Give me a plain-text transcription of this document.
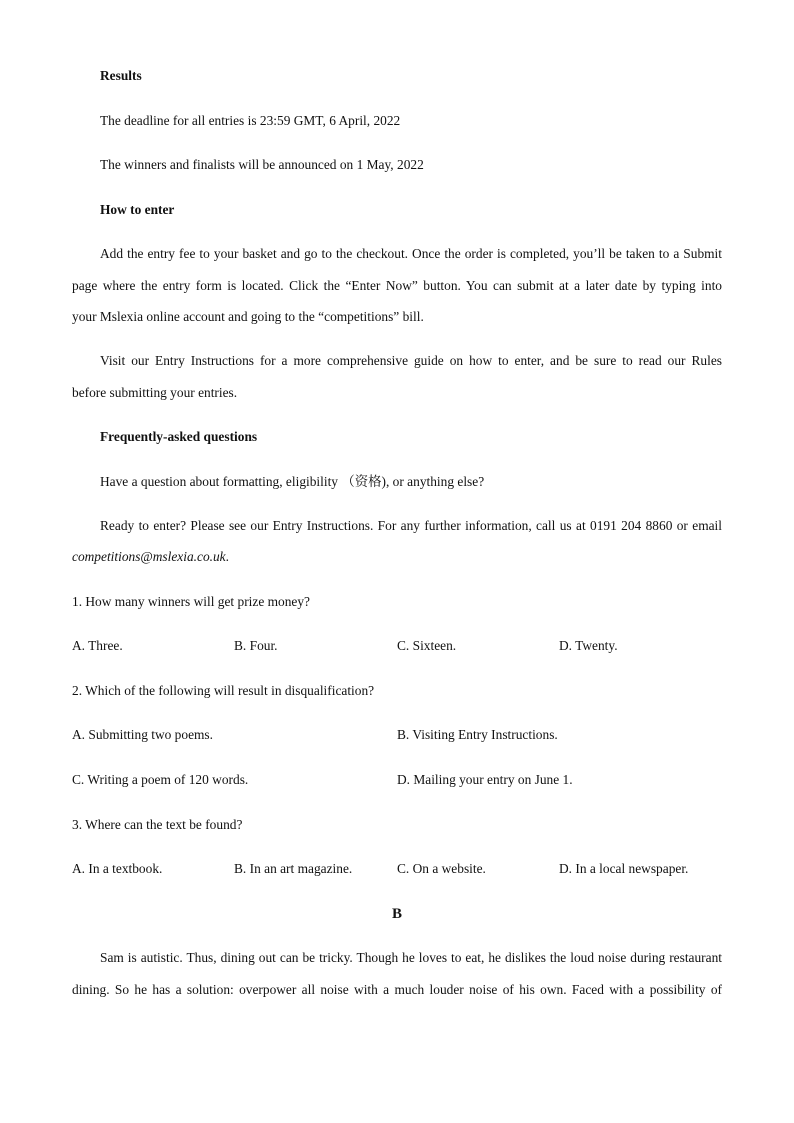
Results
The deadline for all entries is 23:59 GMT, 6 April, 2022
The winners and finalists will be announced on 1 May, 2022
How to enter
Add the entry fee to your basket and go to the checkout. Once the order is completed, you’ll be taken to a Submit
page where the entry form is located. Click the “Enter Now” button. You can submit at a later date by typing into
your Mslexia online account and going to the “competitions” bill.
Visit our Entry Instructions for a more comprehensive guide on how to enter, and be sure to read our Rules
before submitting your entries.
Frequently-asked questions
Have a question about formatting, eligibility （资格), or anything else?
Ready to enter? Please see our Entry Instructions. For any further information, call us at 0191 204 8860 or email
competitions@mslexia.co.uk.
1. How many winners will get prize money?
A. Three.	B. Four.	C. Sixteen.	D. Twenty.
2. Which of the following will result in disqualification?
A. Submitting two poems.	B. Visiting Entry Instructions.
C. Writing a poem of 120 words.	D. Mailing your entry on June 1.
3. Where can the text be found?
A. In a textbook.	B. In an art magazine.	C. On a website.	D. In a local newspaper.
B
Sam is autistic. Thus, dining out can be tricky. Though he loves to eat, he dislikes the loud noise during restaurant
dining. So he has a solution: overpower all noise with a much louder noise of his own. Faced with a possibility of
